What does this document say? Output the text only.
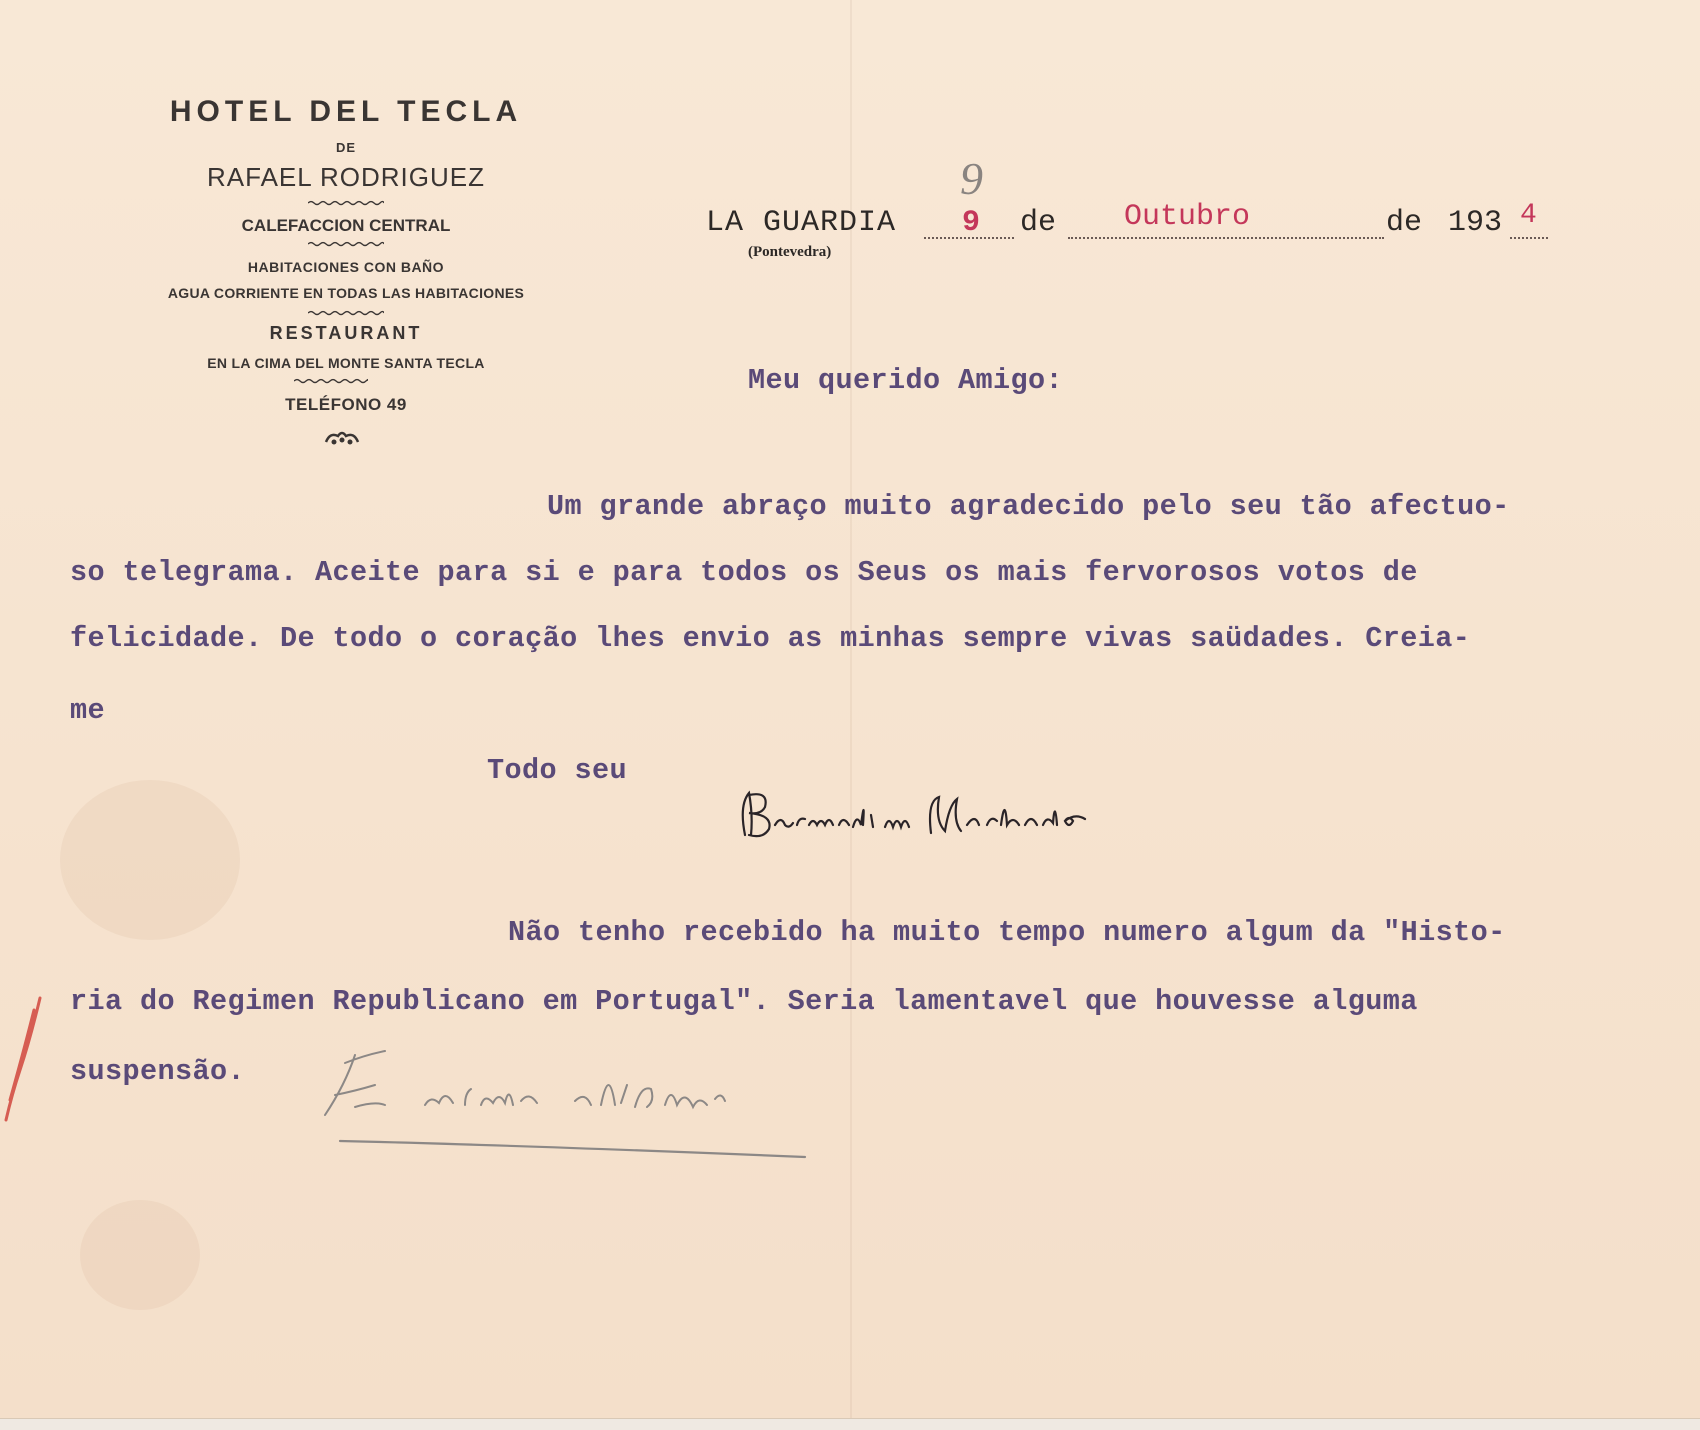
HOTEL DEL TECLA
DE
RAFAEL RODRIGUEZ
CALEFACCION CENTRAL
HABITACIONES CON BAÑO
AGUA CORRIENTE EN TODAS LAS HABITACIONES
RESTAURANT
EN LA CIMA DEL MONTE SANTA TECLA
TELÉFONO 49
9
LA GUARDIA
(Pontevedra)
9 de Outubro	de 193 4
Meu querido Amigo:
Um grande abraço muito agradecido pelo seu tão afectuo-
so telegrama. Aceite para si e para todos os Seus os mais fervorosos votos de
felicidade. De todo o coração lhes envio as minhas sempre vivas saüdades. Creia-
me
Todo seu
Não tenho recebido ha muito tempo numero algum da "Histo-
ria do Regimen Republicano em Portugal". Seria lamentavel que houvesse alguma
suspensão.
